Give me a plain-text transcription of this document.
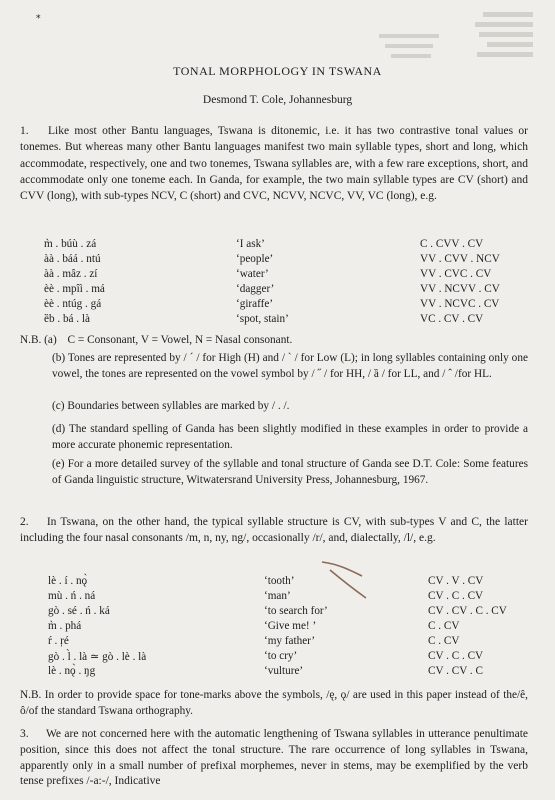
⁎
TONAL MORPHOLOGY IN TSWANA
Desmond T. Cole, Johannesburg
1. Like most other Bantu languages, Tswana is ditonemic, i.e. it has two contrastive tonal values or tonemes. But whereas many other Bantu languages manifest two main syllable types, short and long, which accommodate, respectively, one and two tonemes, Tswana syllables are, with a few rare exceptions, short, and accommodate only one toneme each. In Ganda, for example, the two main syllable types are CV (short) and CVV (long), with sub-types NCV, C (short) and CVC, NCVV, NCVC, VV, VC (long), e.g.
m̀ . búù . zá	‘I ask’	C . CVV . CV
àà . báá . ntú	‘people’	VV . CVV . NCV
àà . mâz . zí	‘water’	VV . CVC . CV
èè . mpîì . má	‘dagger’	VV . NCVV . CV
èè . ntúg . gá	‘giraffe’	VV . NCVC . CV
ȅb . bá . là	‘spot, stain’	VC . CV . CV
N.B. (a) C = Consonant, V = Vowel, N = Nasal consonant.
(b) Tones are represented by / ´ / for High (H) and / ` / for Low (L); in long syllables containing only one vowel, the tones are represented on the vowel symbol by / ˝ / for HH, / ȁ / for LL, and / ˆ /for HL.
(c) Boundaries between syllables are marked by / . /.
(d) The standard spelling of Ganda has been slightly modified in these examples in order to provide a more accurate phonemic representation.
(e) For a more detailed survey of the syllable and tonal structure of Ganda see D.T. Cole: Some features of Ganda linguistic structure, Witwatersrand University Press, Johannesburg, 1967.
2. In Tswana, on the other hand, the typical syllable structure is CV, with sub-types V and C, the latter including the four nasal consonants /m, n, ny, ng/, occasionally /r/, and, dialectally, /l/, e.g.
lè . í . nǫ̀	‘tooth’	CV . V . CV
mù . ń . ná	‘man’	CV . C . CV
gò . sé . ń . ká	‘to search for’	CV . CV . C . CV
m̀ . phá	‘Give me! ’	C . CV
ŕ . ŗé	‘my father’	C . CV
gò . l̀ . là ≃ gò . lè . là	‘to cry’	CV . C . CV
lè . nǫ̀ . ŋg	‘vulture’	CV . CV . C
N.B. In order to provide space for tone-marks above the symbols, /ę, ǫ/ are used in this paper instead of the/ê, ô/of the standard Tswana orthography.
3. We are not concerned here with the automatic lengthening of Tswana syllables in utterance penultimate position, since this does not affect the tonal structure. The rare occurrence of long syllables in Tswana, apparently only in a small number of prefixal morphemes, never in stems, may be exemplified by the verb tense prefixes /-a:-/, Indicative
